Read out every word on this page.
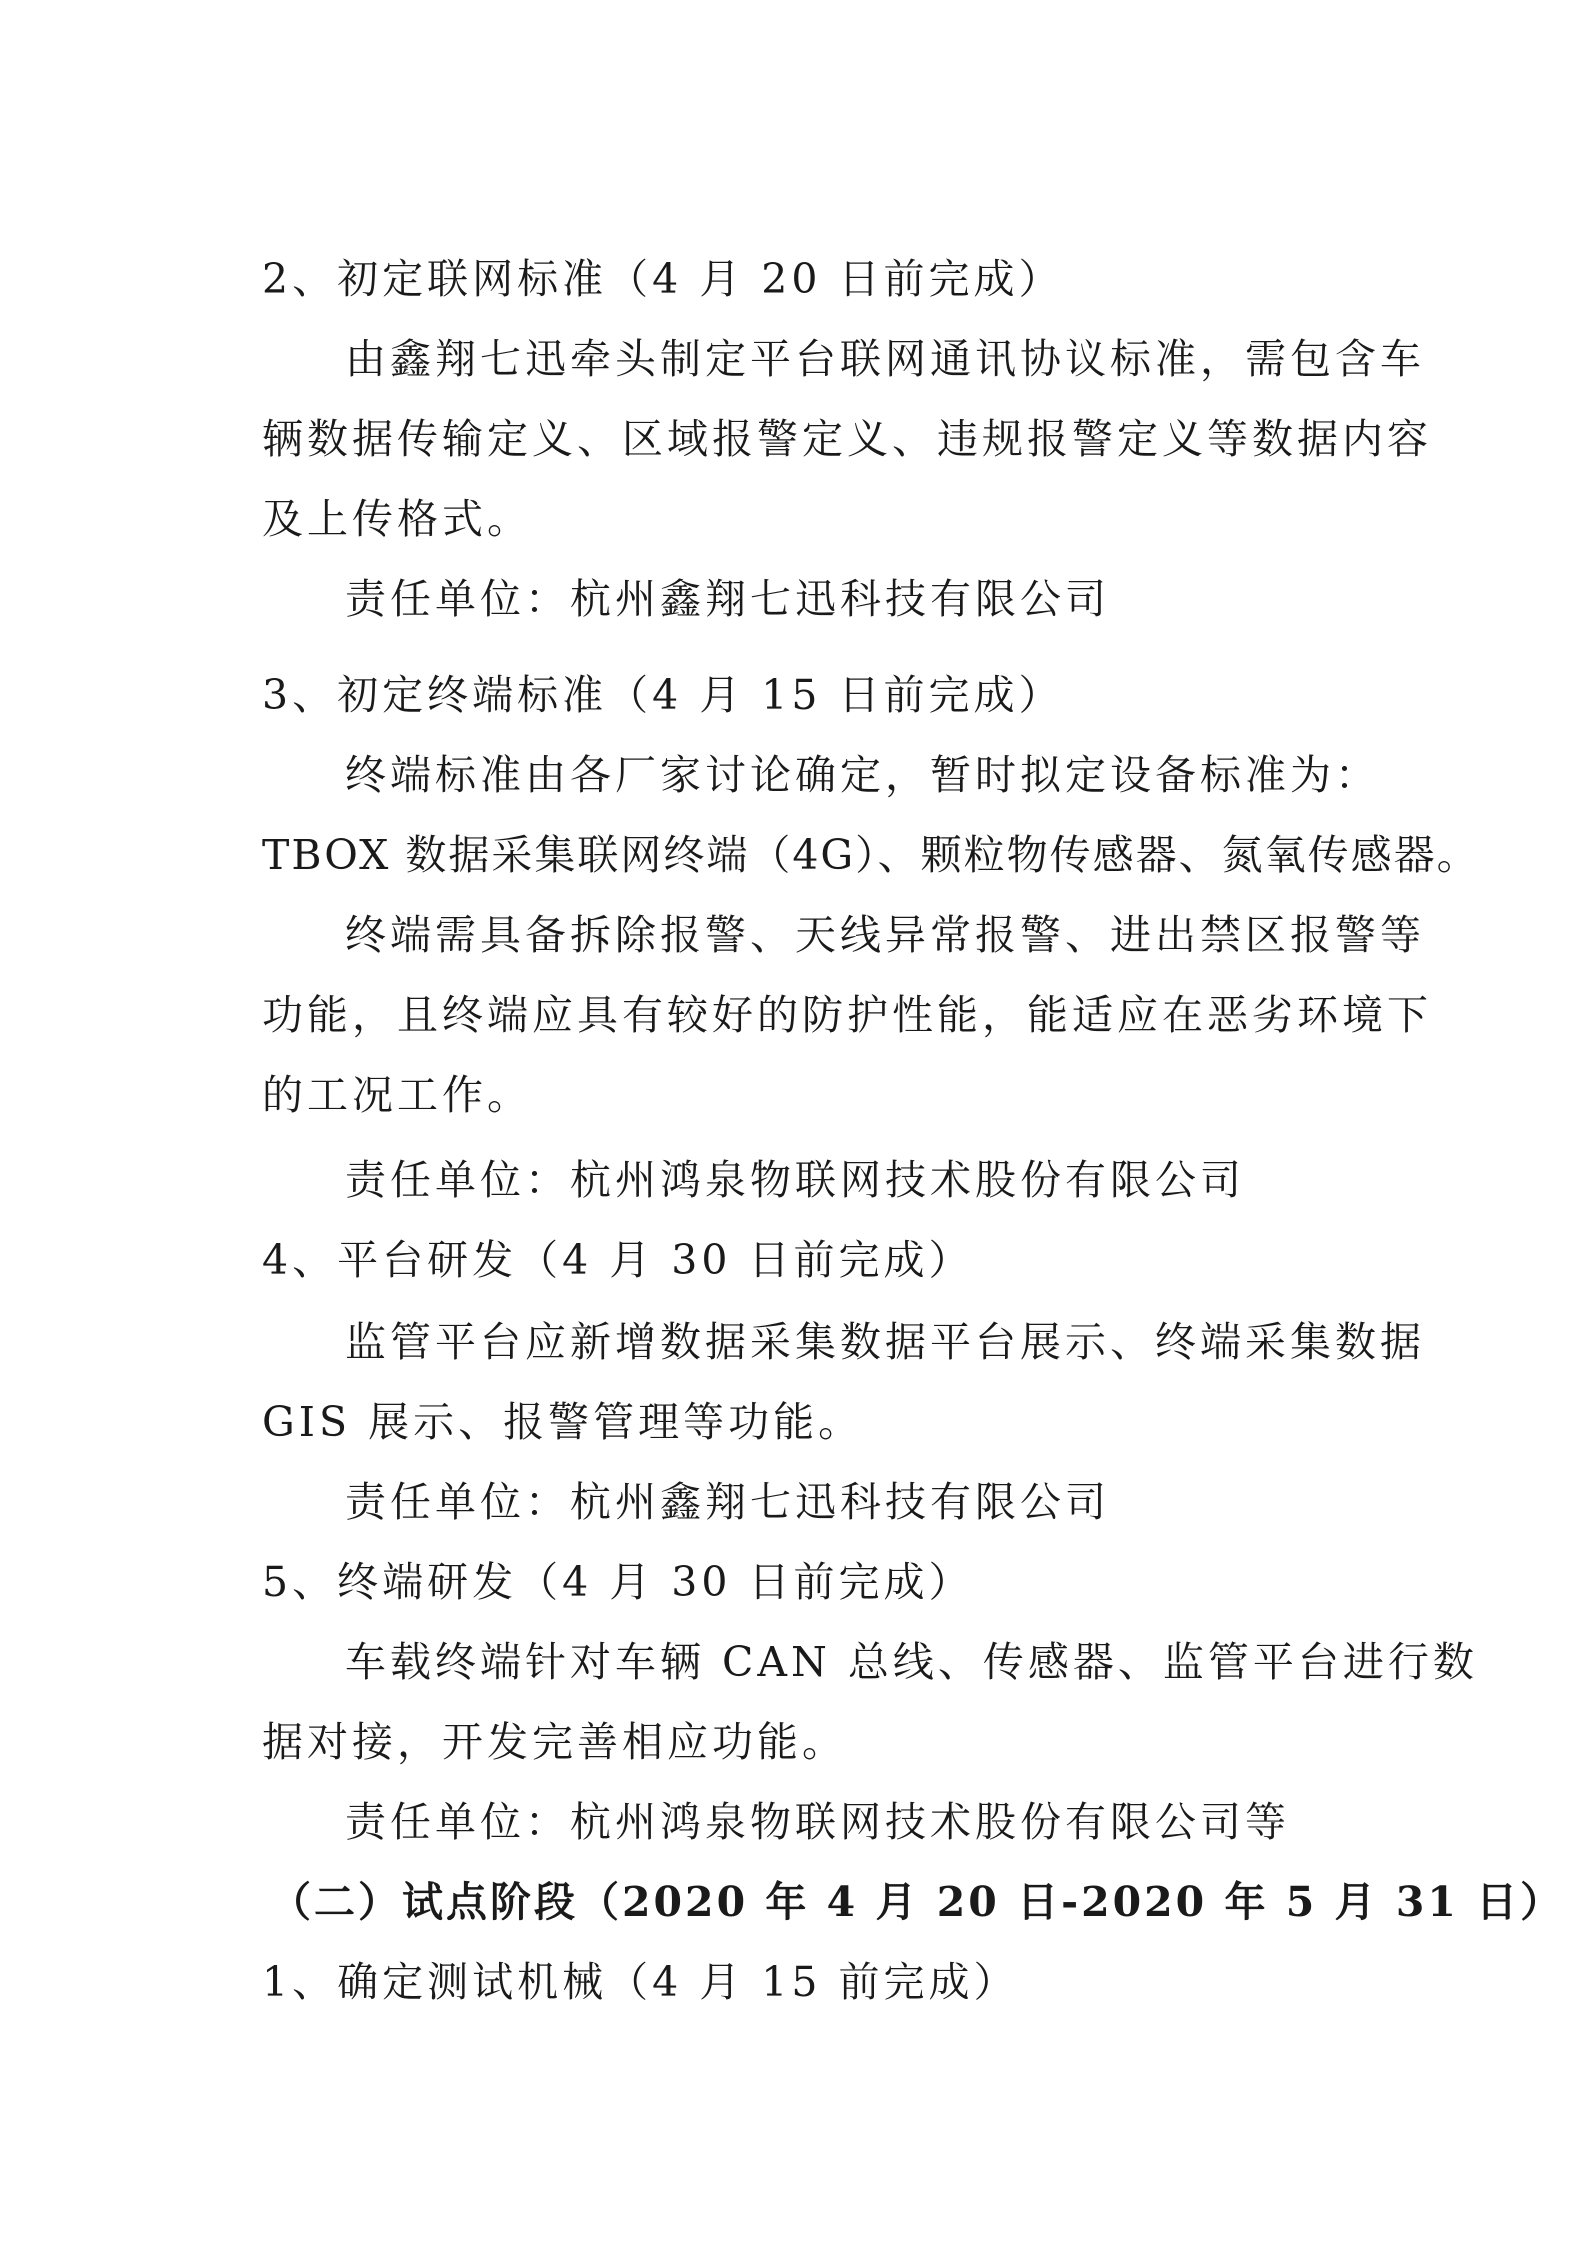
2、初定联网标准（4 月 20 日前完成）
由鑫翔七迅牵头制定平台联网通讯协议标准，需包含车
辆数据传输定义、区域报警定义、违规报警定义等数据内容
及上传格式。
责任单位：杭州鑫翔七迅科技有限公司
3、初定终端标准（4 月 15 日前完成）
终端标准由各厂家讨论确定，暂时拟定设备标准为：
TBOX 数据采集联网终端（4G）、颗粒物传感器、氮氧传感器。
终端需具备拆除报警、天线异常报警、进出禁区报警等
功能，且终端应具有较好的防护性能，能适应在恶劣环境下
的工况工作。
责任单位：杭州鸿泉物联网技术股份有限公司
4、平台研发（4 月 30 日前完成）
监管平台应新增数据采集数据平台展示、终端采集数据
GIS 展示、报警管理等功能。
责任单位：杭州鑫翔七迅科技有限公司
5、终端研发（4 月 30 日前完成）
车载终端针对车辆 CAN 总线、传感器、监管平台进行数
据对接，开发完善相应功能。
责任单位：杭州鸿泉物联网技术股份有限公司等
（二）试点阶段（2020 年 4 月 20 日-2020 年 5 月 31 日）
1、确定测试机械（4 月 15 前完成）
